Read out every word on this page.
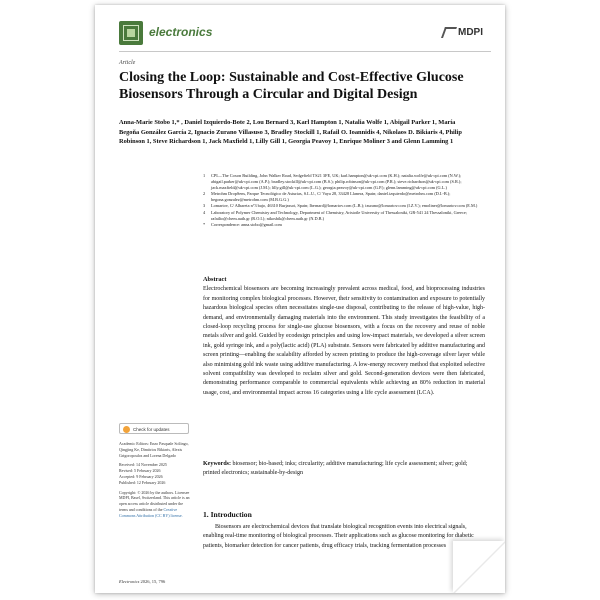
electronics	MDPI
Article
Closing the Loop: Sustainable and Cost-Effective Glucose Biosensors Through a Circular and Digital Design
Anna-Marie Stobo 1,* , Daniel Izquierdo-Bote 2, Lou Bernard 3, Karl Hampton 1, Natalia Wolfe 1, Abigail Parker 1, María Begoña González García 2, Ignacio Zurano Villasuso 3, Bradley Stockill 1, Rafail O. Ioannidis 4, Nikolaos D. Bikiaris 4, Philip Robinson 1, Steve Richardson 1, Jack Maxfield 1, Lilly Gill 1, Georgia Peavoy 1, Enrique Moliner 3 and Glenn Lamming 1
1 CPI—The Coxon Building, John Walker Road, Sedgefield TS21 3FE, UK; karl.hampton@uk-cpi.com (K.H.); natalia.wolfe@uk-cpi.com (N.W.); abigail.parker@uk-cpi.com (A.P.); bradley.stockill@uk-cpi.com (B.S.); philip.robinson@uk-cpi.com (P.R.); steve.richardson@uk-cpi.com (S.R.); jack.maxfield@uk-cpi.com (J.M.); lilly.gill@uk-cpi.com (L.G.); georgia.peavoy@uk-cpi.com (G.P.); glenn.lamming@uk-cpi.com (G.L.)
2 Metrohm DropSens, Parque Tecnológico de Asturias, S.L.U., C/ Vaya 28, 33428 Llanera, Spain; daniel.izquierdo@metrohm.com (D.I.-B.); begona.gonzalez@metrohm.com (M.B.G.G.)
3 Lomartov, C/ Albareta n°3 bajo, 46310 Burjassot, Spain; lbernard@lomartov.com (L.B.); izurano@lomartov.com (I.Z.V.); emoliner@lomartov.com (E.M.)
4 Laboratory of Polymer Chemistry and Technology, Department of Chemistry, Aristotle University of Thessaloniki, GR-541 24 Thessaloniki, Greece; rafailio@chem.auth.gr (R.O.I.); nikosbik@chem.auth.gr (N.D.B.)
* Correspondence: anna.stobo@gmail.com
Abstract
Electrochemical biosensors are becoming increasingly prevalent across medical, food, and bioprocessing industries for monitoring complex biological processes. However, their sensitivity to contamination and exposure to potentially hazardous biological species often necessitates single-use disposal, contributing to the release of high-value, high-demand, and environmentally damaging materials into the environment. This study investigates the feasibility of a closed-loop recycling process for single-use glucose biosensors, with a focus on the recovery and reuse of noble metals silver and gold. Guided by ecodesign principles and using low-impact materials, we developed a silver screen ink, gold syringe ink, and a poly(lactic acid) (PLA) substrate. Sensors were fabricated by additive manufacturing and screen printing—enabling the scalability afforded by screen printing to produce the high-coverage silver layer while also minimising gold ink waste using additive manufacturing. A low-energy recovery method that exploited selective solvent compatibility was developed to reclaim silver and gold. Second-generation devices were then fabricated, demonstrating performance comparable to commercial equivalents while achieving an 80% reduction in material usage, cost, and environmental impact across 16 categories using a life cycle assessment (LCA).
Keywords: biosensor; bio-based; inks; circularity; additive manufacturing; life cycle assessment; silver; gold; printed electronics; sustainable-by-design
Check for updates
Academic Editors: Enzo Pasquale Scilingo, Qingjing Ke, Dimitrios Bikiaris, Alexis Grigoropoulos and Lorena Delgado
Received: 14 November 2025
Revised: 5 February 2026
Accepted: 9 February 2026
Published: 12 February 2026
Copyright: © 2026 by the authors. Licensee MDPI, Basel, Switzerland. This article is an open access article distributed under the terms and conditions of the Creative Commons Attribution (CC BY) license.	1. Introduction
Biosensors are electrochemical devices that translate biological recognition events into electrical signals, enabling real-time monitoring of biological processes. Their applications such as glucose monitoring for diabetic patients, biomarker detection for cancer patients, drug efficacy trials, tracking fermentation processes
Electronics 2026, 15, 796
